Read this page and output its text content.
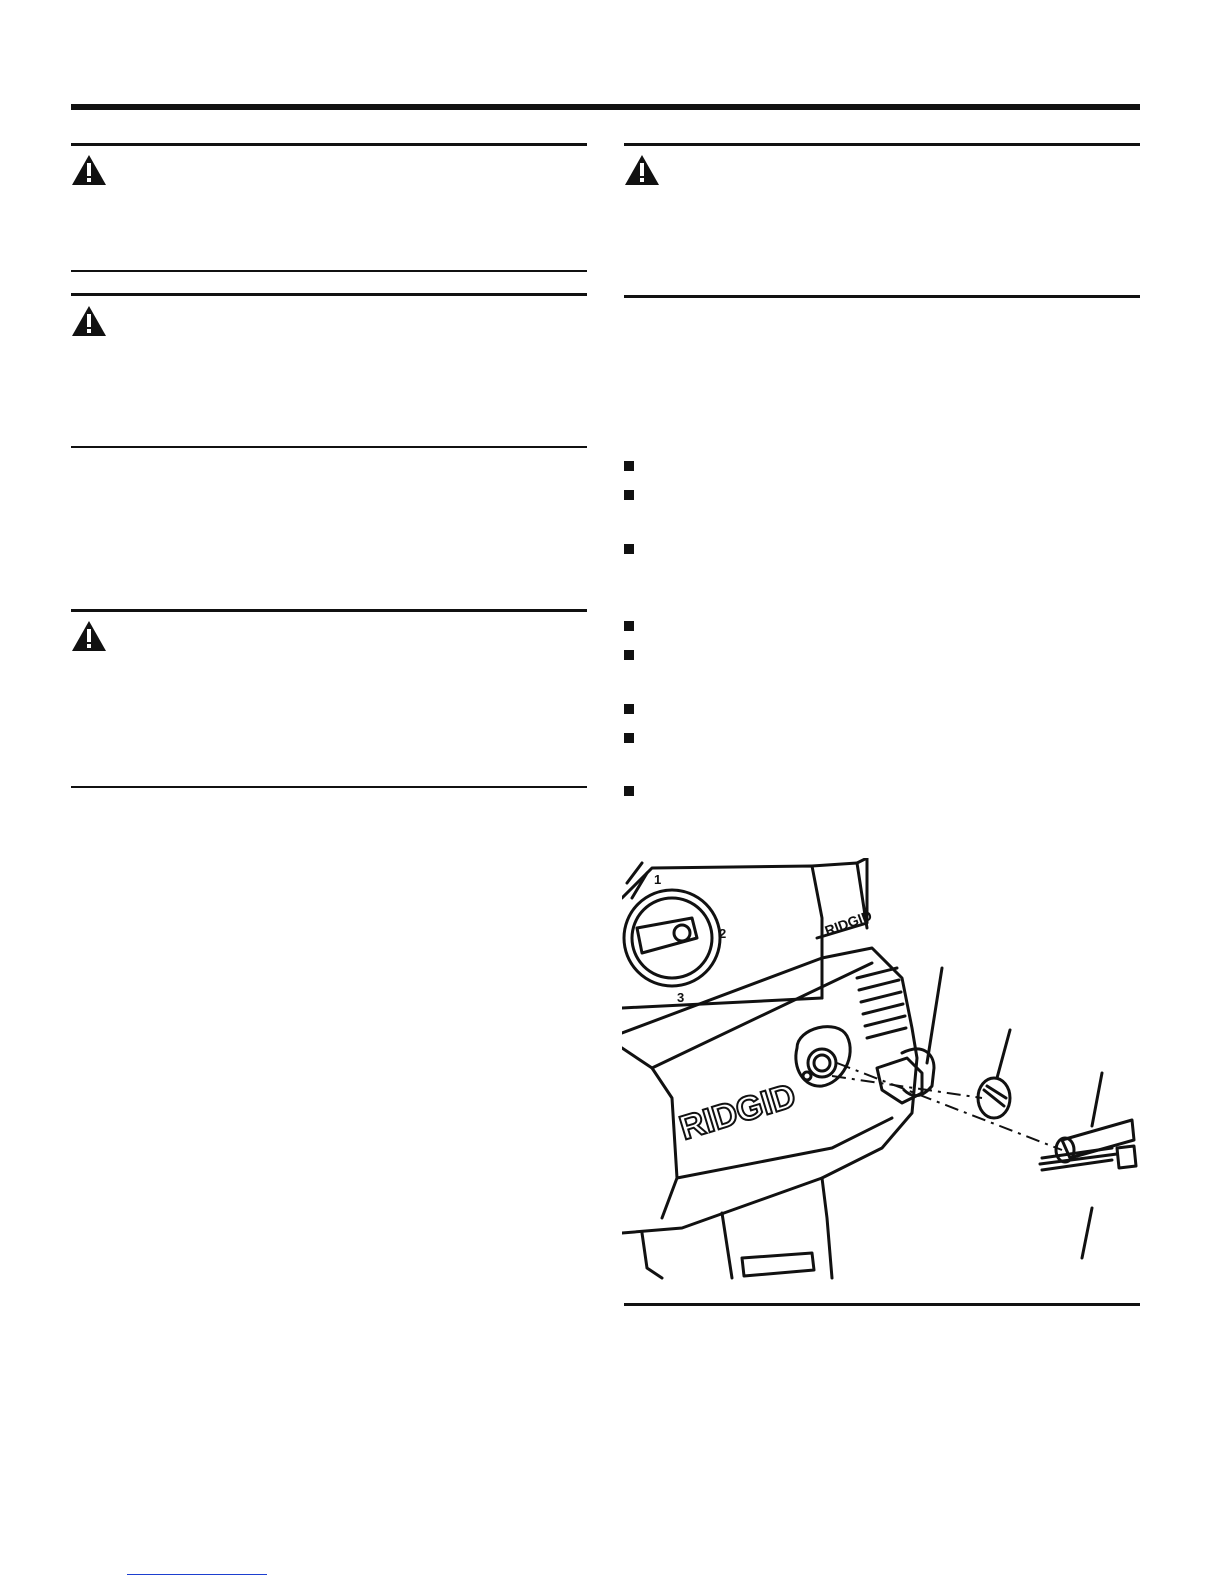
RIDGID
RIDGID
1
2
3
